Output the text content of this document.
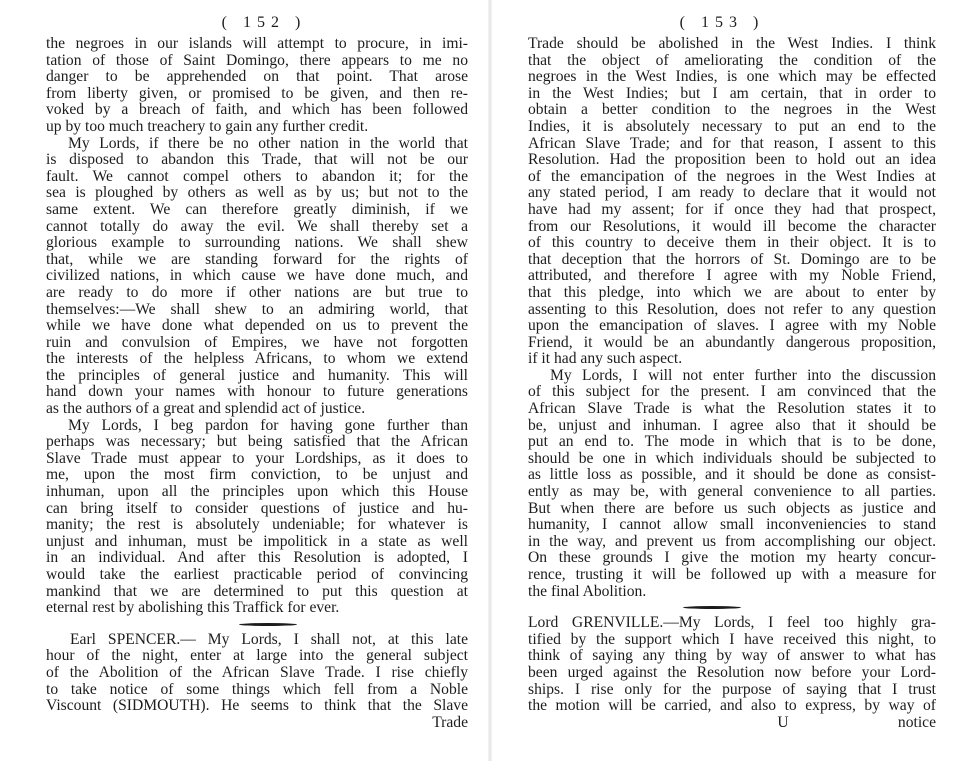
( 152 )
the negroes in our islands will attempt to procure, in imi-
tation of those of Saint Domingo, there appears to me no
danger to be apprehended on that point. That arose
from liberty given, or promised to be given, and then re-
voked by a breach of faith, and which has been followed
up by too much treachery to gain any further credit.
My Lords, if there be no other nation in the world that
is disposed to abandon this Trade, that will not be our
fault. We cannot compel others to abandon it; for the
sea is ploughed by others as well as by us; but not to the
same extent. We can therefore greatly diminish, if we
cannot totally do away the evil. We shall thereby set a
glorious example to surrounding nations. We shall shew
that, while we are standing forward for the rights of
civilized nations, in which cause we have done much, and
are ready to do more if other nations are but true to
themselves:—We shall shew to an admiring world, that
while we have done what depended on us to prevent the
ruin and convulsion of Empires, we have not forgotten
the interests of the helpless Africans, to whom we extend
the principles of general justice and humanity. This will
hand down your names with honour to future generations
as the authors of a great and splendid act of justice.
My Lords, I beg pardon for having gone further than
perhaps was necessary; but being satisfied that the African
Slave Trade must appear to your Lordships, as it does to
me, upon the most firm conviction, to be unjust and
inhuman, upon all the principles upon which this House
can bring itself to consider questions of justice and hu-
manity; the rest is absolutely undeniable; for whatever is
unjust and inhuman, must be impolitick in a state as well
in an individual. And after this Resolution is adopted, I
would take the earliest practicable period of convincing
mankind that we are determined to put this question at
eternal rest by abolishing this Traffick for ever.
Earl SPENCER.— My Lords, I shall not, at this late
hour of the night, enter at large into the general subject
of the Abolition of the African Slave Trade. I rise chiefly
to take notice of some things which fell from a Noble
Viscount (SIDMOUTH). He seems to think that the Slave
Trade
( 153 )
Trade should be abolished in the West Indies. I think
that the object of ameliorating the condition of the
negroes in the West Indies, is one which may be effected
in the West Indies; but I am certain, that in order to
obtain a better condition to the negroes in the West
Indies, it is absolutely necessary to put an end to the
African Slave Trade; and for that reason, I assent to this
Resolution. Had the proposition been to hold out an idea
of the emancipation of the negroes in the West Indies at
any stated period, I am ready to declare that it would not
have had my assent; for if once they had that prospect,
from our Resolutions, it would ill become the character
of this country to deceive them in their object. It is to
that deception that the horrors of St. Domingo are to be
attributed, and therefore I agree with my Noble Friend,
that this pledge, into which we are about to enter by
assenting to this Resolution, does not refer to any question
upon the emancipation of slaves. I agree with my Noble
Friend, it would be an abundantly dangerous proposition,
if it had any such aspect.
My Lords, I will not enter further into the discussion
of this subject for the present. I am convinced that the
African Slave Trade is what the Resolution states it to
be, unjust and inhuman. I agree also that it should be
put an end to. The mode in which that is to be done,
should be one in which individuals should be subjected to
as little loss as possible, and it should be done as consist-
ently as may be, with general convenience to all parties.
But when there are before us such objects as justice and
humanity, I cannot allow small inconveniencies to stand
in the way, and prevent us from accomplishing our object.
On these grounds I give the motion my hearty concur-
rence, trusting it will be followed up with a measure for
the final Abolition.
Lord GRENVILLE.—My Lords, I feel too highly gra-
tified by the support which I have received this night, to
think of saying any thing by way of answer to what has
been urged against the Resolution now before your Lord-
ships. I rise only for the purpose of saying that I trust
the motion will be carried, and also to express, by way of
U	notice
